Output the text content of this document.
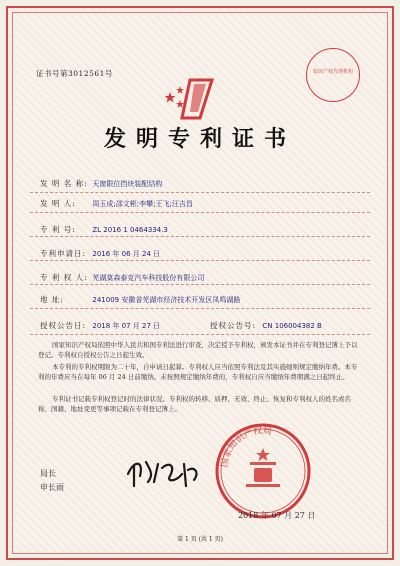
知识产权代理机构
证书号第3012561号
发明专利证书
发 明 名 称: 天窗限位挡块装配结构
发 明 人: 周玉成;邵文彬;李攀;王飞;汪吉昌
专 利 号: ZL 2016 1 0464334.3
专利申请日: 2016 年 06 月 24 日
专 利 权 人: 芜湖莫森泰克汽车科技股份有限公司
地 址:	241009 安徽省芜湖市经济技术开发区凤鸣湖路
授权公告日: 2018 年 07 月 27 日	授权公告号: CN 106004382 B
国家知识产权局依照中华人民共和国专利法进行审查，决定授予专利权，颁发本证书并在专利登记簿上予以登记。专利权自授权公告之日起生效。
本专利的专利权期限为二十年，自申请日起算。专利权人应当依照专利法及其实施细则规定缴纳年费。本专利的年费应当在每年 06 月 24 日前缴纳。未按照规定缴纳年费的，专利权自应当缴纳年费期满之日起终止。
专利证书记载专利权登记时的法律状况。专利权的转移、质押、无效、终止、恢复和专利权人的姓名或名称、国籍、地址变更等事项记载在专利登记簿上。
局长
申长雨
国家知识产权局
2018 年 07 月 27 日
第 1 页 (共 1 页)
